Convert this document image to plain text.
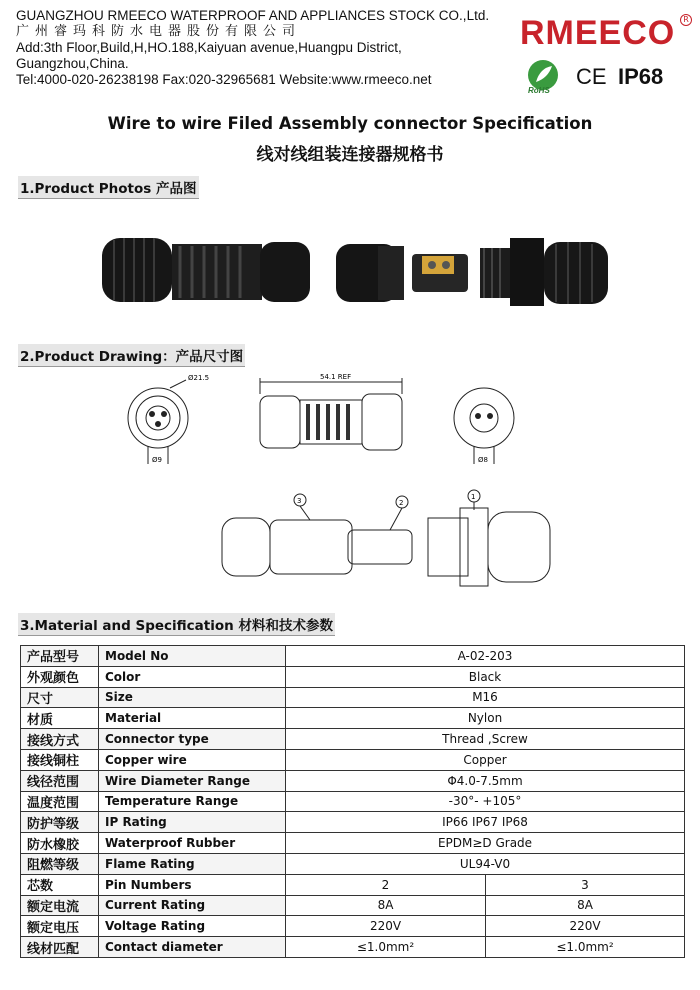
GUANGZHOU RMEECO WATERPROOF AND APPLIANCES STOCK CO.,Ltd.
广州睿玛科防水电器股份有限公司
Add:3th Floor,Build,H,HO.188,Kaiyuan avenue,Huangpu District,
Guangzhou,China.
Tel:4000-020-26238198 Fax:020-32965681 Website:www.rmeeco.net
RMEECO R
RoHS
CE IP68
Wire to wire Filed Assembly connector Specification
线对线组装连接器规格书
1.Product Photos 产品图
2.Product Drawing：产品尺寸图
Ø21.5	54.1 REF
Ø9	Ø8
3	2
1
3.Material and Specification 材料和技术参数
产品型号	Model No	A-02-203	
外观颜色	Color	Black	
尺寸	Size	M16	
材质	Material	Nylon	
接线方式	Connector type	Thread ,Screw	
接线铜柱	Copper wire	Copper	
线径范围	Wire Diameter Range	Φ4.0-7.5mm	
温度范围	Temperature Range	-30°- +105°	
防护等级	IP Rating	IP66 IP67 IP68	
防水橡胶	Waterproof Rubber	EPDM≥D Grade	
阻燃等级	Flame Rating	UL94-V0	
芯数	Pin Numbers	2	3
额定电流	Current Rating	8A	8A
额定电压	Voltage Rating	220V	220V
线材匹配	Contact diameter	≤1.0mm²	≤1.0mm²
